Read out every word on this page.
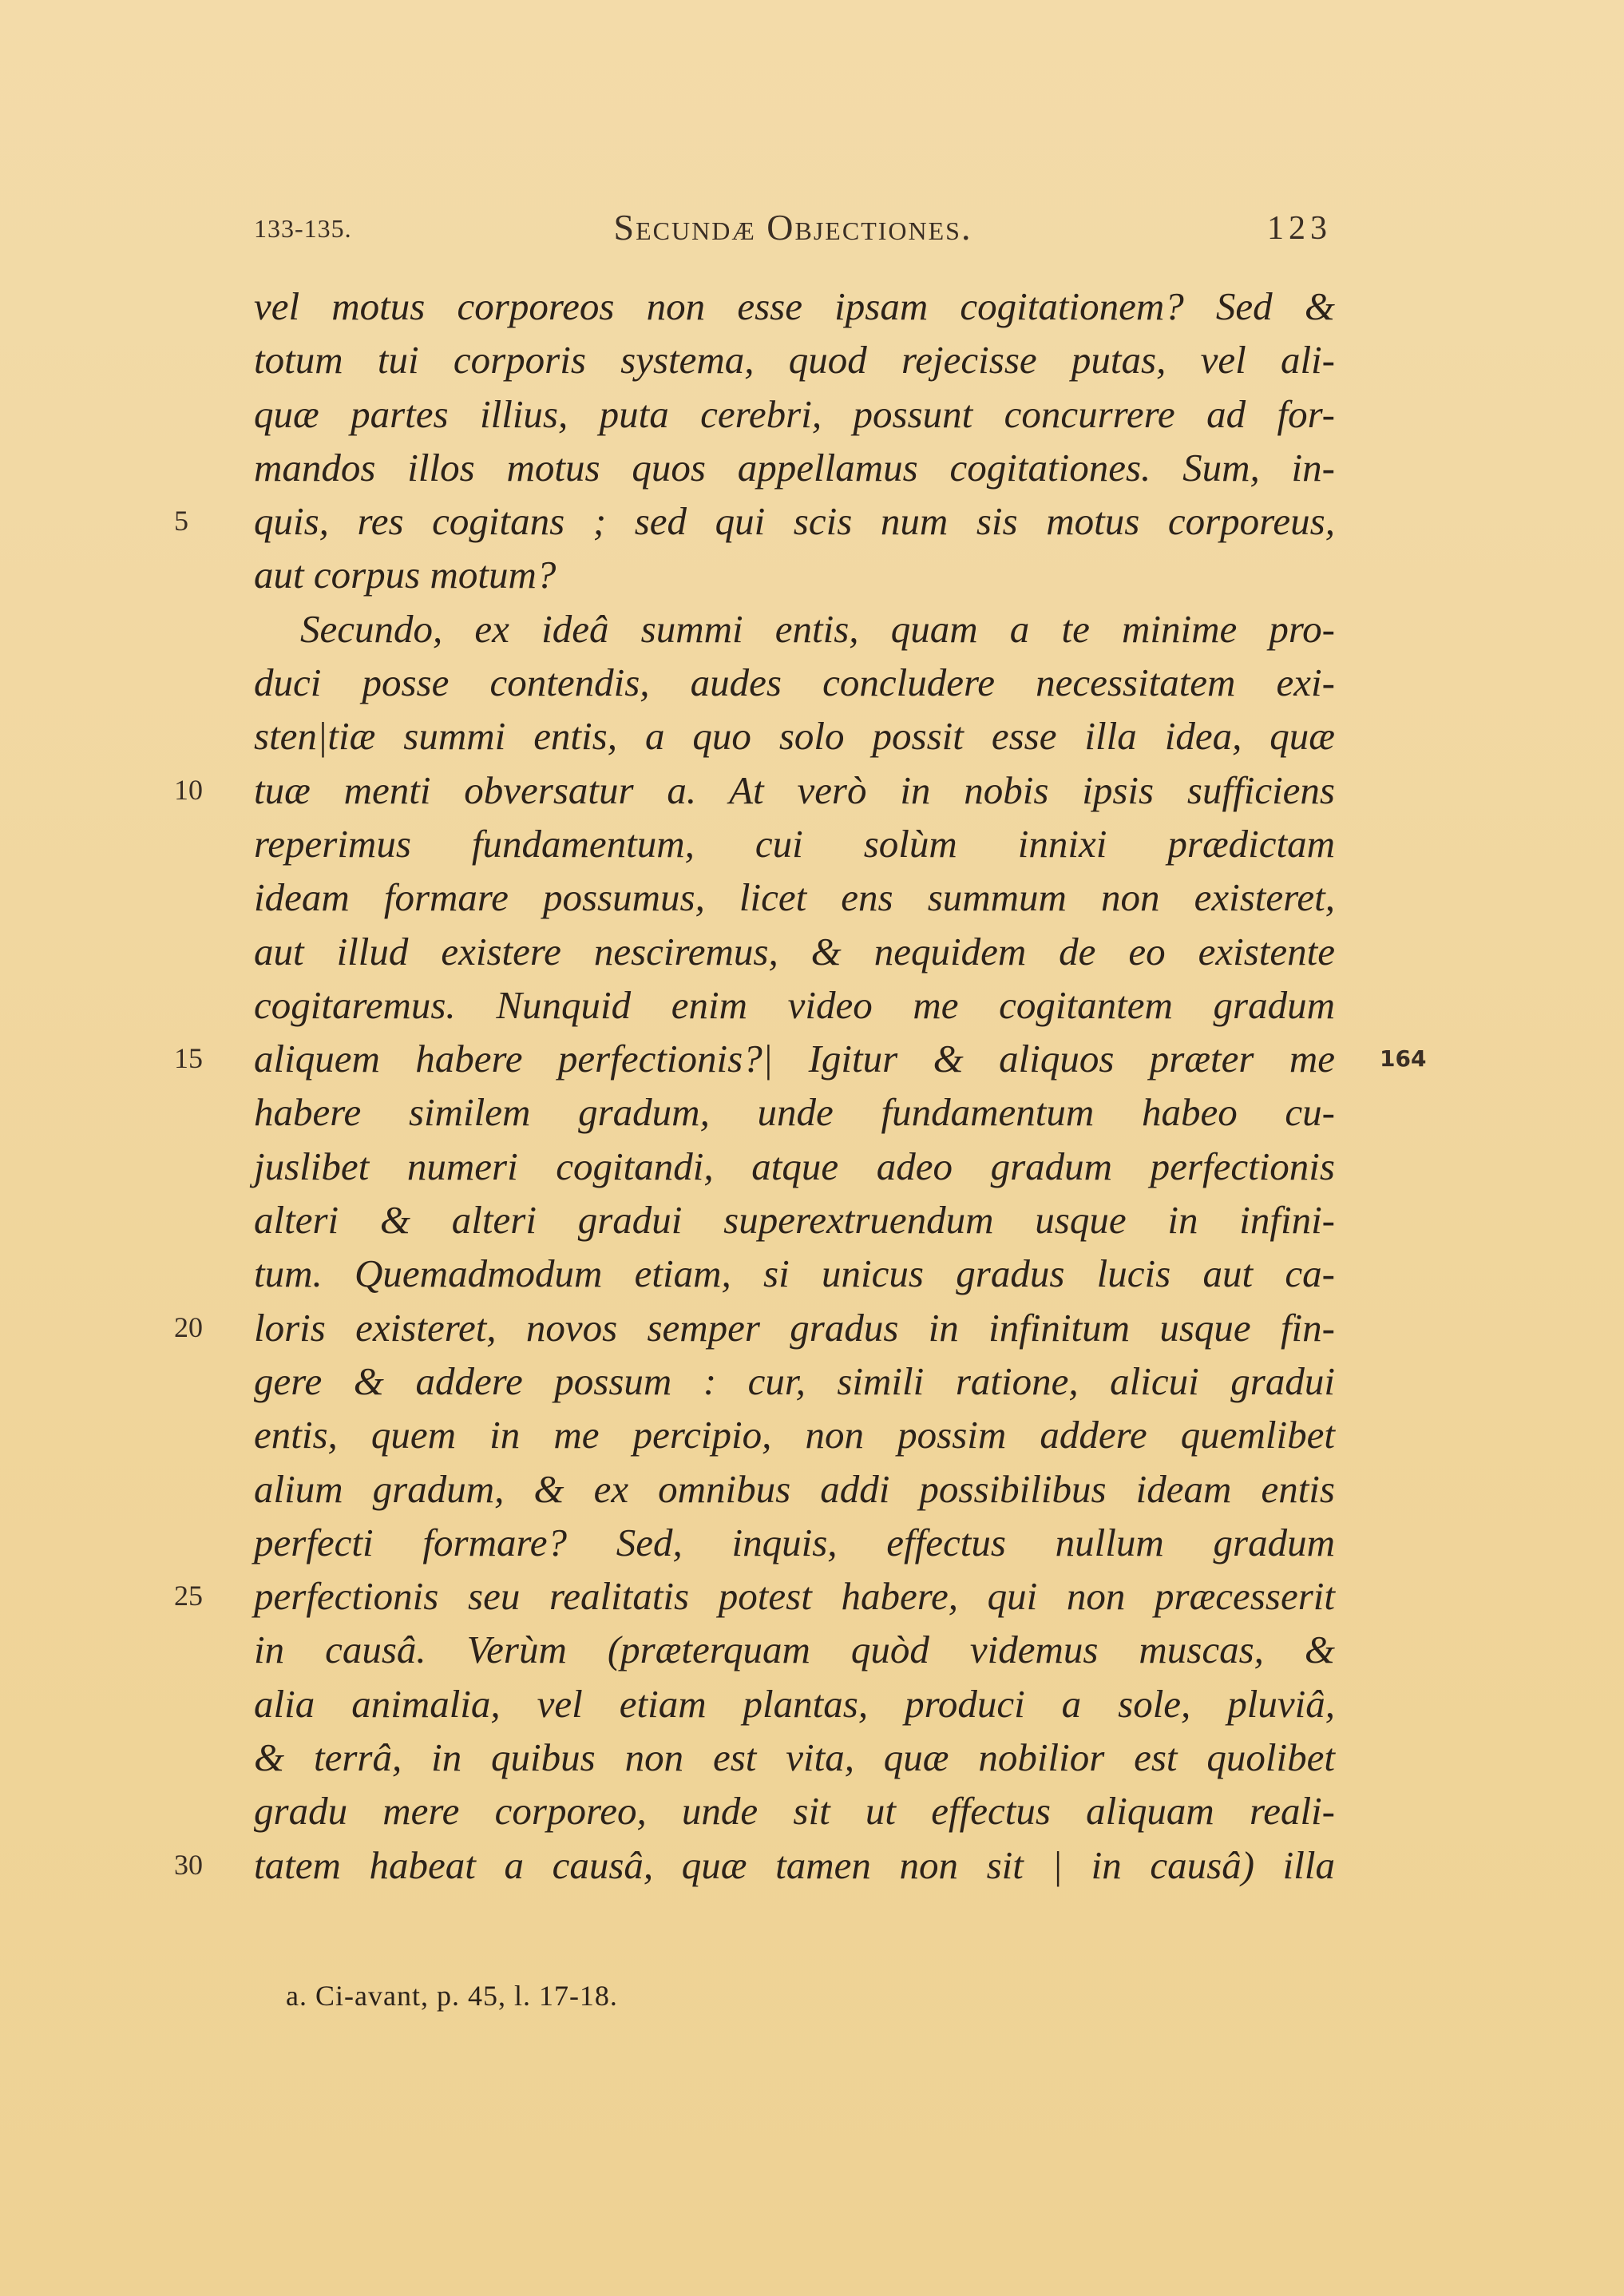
133-135.	Secundæ Objectiones.	123
vel motus corporeos non esse ipsam cogitationem? Sed &
totum tui corporis systema, quod rejecisse putas, vel ali-
quæ partes illius, puta cerebri, possunt concurrere ad for-
mandos illos motus quos appellamus cogitationes. Sum, in-
5	quis, res cogitans ; sed qui scis num sis motus corporeus,
aut corpus motum?
Secundo, ex ideâ summi entis, quam a te minime pro-
duci posse contendis, audes concludere necessitatem exi-
sten|tiæ summi entis, a quo solo possit esse illa idea, quæ
10	tuæ menti obversatur a. At verò in nobis ipsis sufficiens
reperimus fundamentum, cui solùm innixi prædictam
ideam formare possumus, licet ens summum non existeret,
aut illud existere nesciremus, & nequidem de eo existente
cogitaremus. Nunquid enim video me cogitantem gradum
15	aliquem habere perfectionis?| Igitur & aliquos præter me 164
habere similem gradum, unde fundamentum habeo cu-
juslibet numeri cogitandi, atque adeo gradum perfectionis
alteri & alteri gradui superextruendum usque in infini-
tum. Quemadmodum etiam, si unicus gradus lucis aut ca-
20	loris existeret, novos semper gradus in infinitum usque fin-
gere & addere possum : cur, simili ratione, alicui gradui
entis, quem in me percipio, non possim addere quemlibet
alium gradum, & ex omnibus addi possibilibus ideam entis
perfecti formare? Sed, inquis, effectus nullum gradum
25	perfectionis seu realitatis potest habere, qui non præcesserit
in causâ. Verùm (præterquam quòd videmus muscas, &
alia animalia, vel etiam plantas, produci a sole, pluviâ,
& terrâ, in quibus non est vita, quæ nobilior est quolibet
gradu mere corporeo, unde sit ut effectus aliquam reali-
30	tatem habeat a causâ, quæ tamen non sit | in causâ) illa
a. Ci-avant, p. 45, l. 17-18.
